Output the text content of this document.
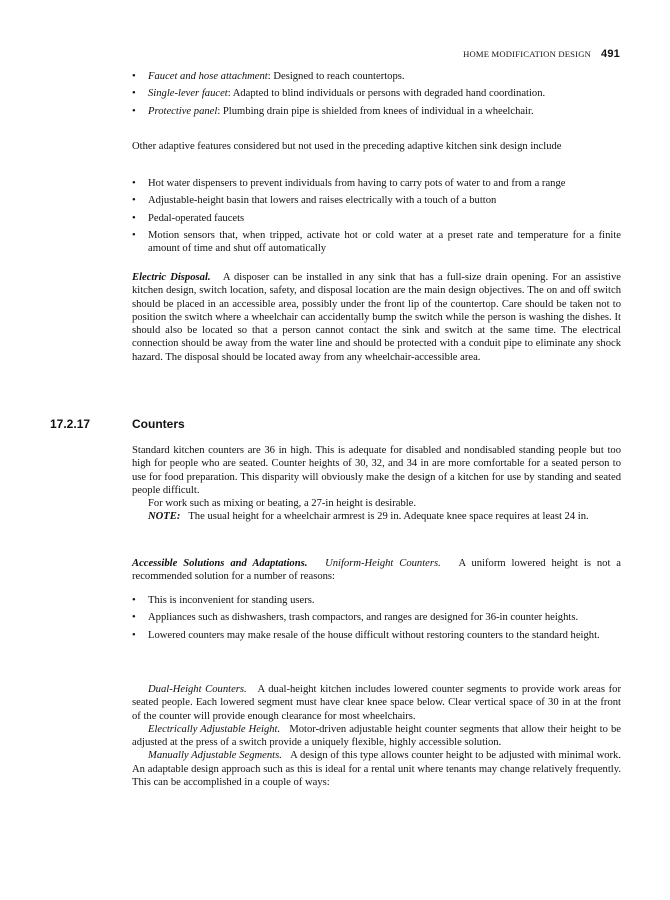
HOME MODIFICATION DESIGN 491
• Faucet and hose attachment: Designed to reach countertops.
• Single-lever faucet: Adapted to blind individuals or persons with degraded hand coordination.
• Protective panel: Plumbing drain pipe is shielded from knees of individual in a wheelchair.

Other adaptive features considered but not used in the preceding adaptive kitchen sink design include

• Hot water dispensers to prevent individuals from having to carry pots of water to and from a range
• Adjustable-height basin that lowers and raises electrically with a touch of a button
• Pedal-operated faucets
• Motion sensors that, when tripped, activate hot or cold water at a preset rate and temperature for a finite amount of time and shut off automatically

Electric Disposal. A disposer can be installed in any sink that has a full-size drain opening. For an assistive kitchen design, switch location, safety, and disposal location are the main design objectives. The on and off switch should be placed in an accessible area, possibly under the front lip of the countertop. Care should be taken not to position the switch where a wheelchair can accidentally bump the switch while the person is washing the dishes. It should also be located so that a person cannot contact the sink and switch at the same time. The electrical connection should be away from the water line and should be protected with a conduit pipe to eliminate any shock hazard. The disposal should be located away from any wheelchair-accessible area.

17.2.17	Counters

Standard kitchen counters are 36 in high. This is adequate for disabled and nondisabled standing people but too high for people who are seated. Counter heights of 30, 32, and 34 in are more comfortable for a seated person to use for food preparation. This disparity will obviously make the design of a kitchen for use by standing and seated people difficult.

For work such as mixing or beating, a 27-in height is desirable.

NOTE: The usual height for a wheelchair armrest is 29 in. Adequate knee space requires at least 24 in.

Accessible Solutions and Adaptations. Uniform-Height Counters. A uniform lowered height is not a recommended solution for a number of reasons:

• This is inconvenient for standing users.
• Appliances such as dishwashers, trash compactors, and ranges are designed for 36-in counter heights.
• Lowered counters may make resale of the house difficult without restoring counters to the standard height.

Dual-Height Counters. A dual-height kitchen includes lowered counter segments to provide work areas for seated people. Each lowered segment must have clear knee space below. Clear vertical space of 30 in at the front of the counter will provide enough clearance for most wheelchairs.

Electrically Adjustable Height. Motor-driven adjustable height counter segments that allow their height to be adjusted at the press of a switch provide a uniquely flexible, highly accessible solution.

Manually Adjustable Segments. A design of this type allows counter height to be adjusted with minimal work. An adaptable design approach such as this is ideal for a rental unit where tenants may change relatively frequently. This can be accomplished in a couple of ways:
